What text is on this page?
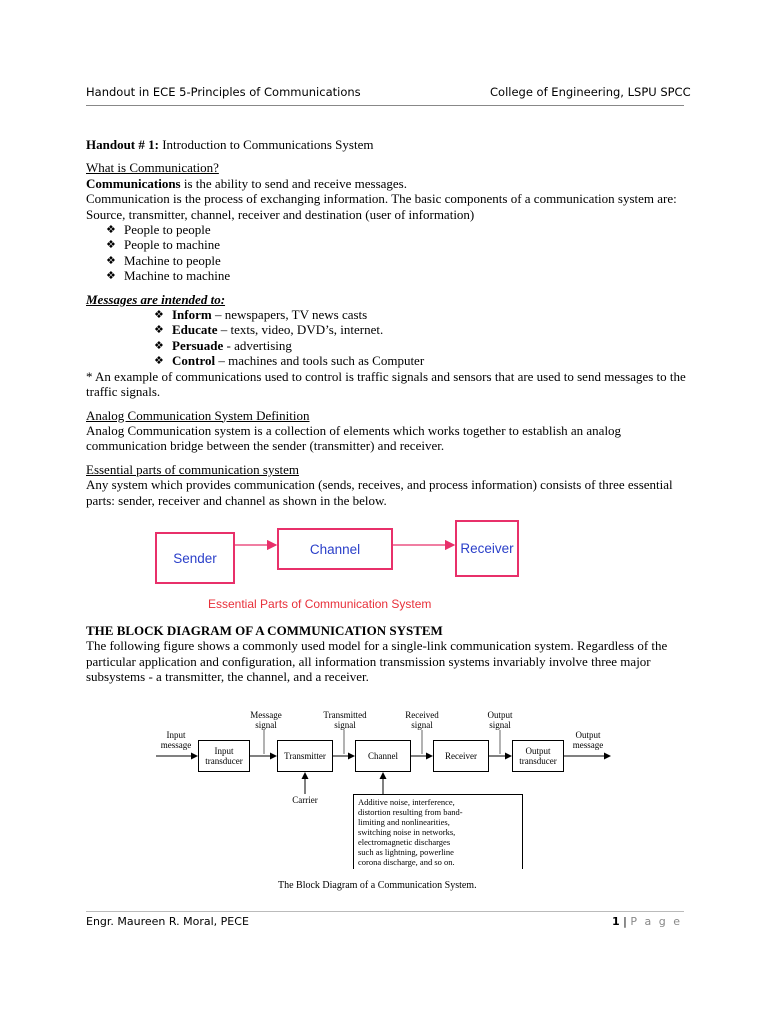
Handout in ECE 5-Principles of Communications	College of Engineering, LSPU SPCC

Handout # 1: Introduction to Communications System

What is Communication?

Communications is the ability to send and receive messages.

Communication is the process of exchanging information. The basic components of a communication system are: Source, transmitter, channel, receiver and destination (user of information)

❖ People to people
❖ People to machine
❖ Machine to people
❖ Machine to machine

Messages are intended to:

❖ Inform – newspapers, TV news casts
❖ Educate – texts, video, DVD’s, internet.
❖ Persuade - advertising
❖ Control – machines and tools such as Computer

* An example of communications used to control is traffic signals and sensors that are used to send messages to the traffic signals.

Analog Communication System Definition

Analog Communication system is a collection of elements which works together to establish an analog communication bridge between the sender (transmitter) and receiver.

Essential parts of communication system

Any system which provides communication (sends, receives, and process information) consists of three essential parts: sender, receiver and channel as shown in the below.

Sender
Channel	Receiver
Essential Parts of Communication System

THE BLOCK DIAGRAM OF A COMMUNICATION SYSTEM

The following figure shows a commonly used model for a single-link communication system. Regardless of the particular application and configuration, all information transmission systems invariably involve three major subsystems - a transmitter, the channel, and a receiver.

Input
message
Output
message
Input
transducer	Transmitter	Channel	Receiver	Output
transducer
Message
signal
Transmitted
signal
Received
signal
Output
signal
Carrier	Additive noise, interference,
distortion resulting from band-
limiting and nonlinearities,
switching noise in networks,
electromagnetic discharges
such as lightning, powerline
corona discharge, and so on.
The Block Diagram of a Communication System.
Engr. Maureen R. Moral, PECE	1 | P a g e
